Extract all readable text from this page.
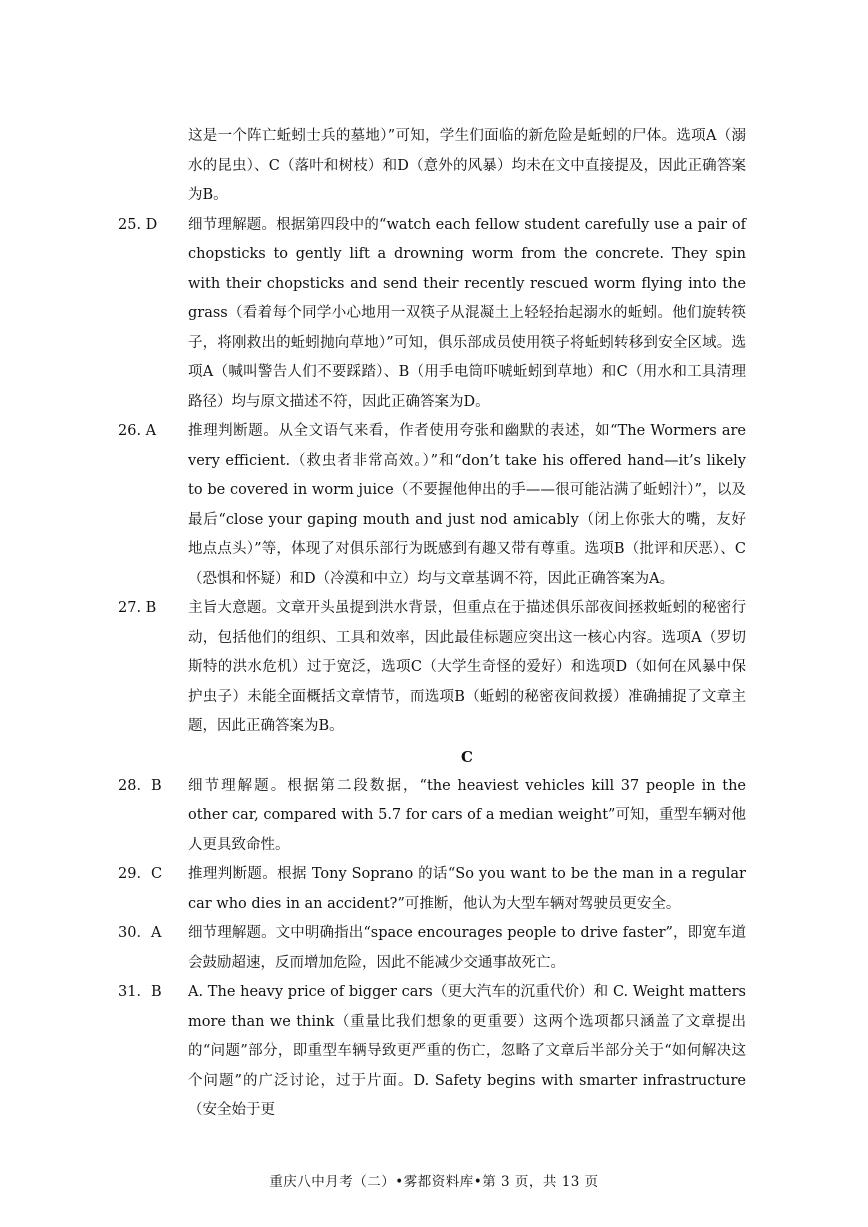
这是一个阵亡蚯蚓士兵的墓地）”可知，学生们面临的新危险是蚯蚓的尸体。选项A（溺水的昆虫）、C（落叶和树枝）和D（意外的风暴）均未在文中直接提及，因此正确答案为B。
25. D	细节理解题。根据第四段中的“watch each fellow student carefully use a pair of chopsticks to gently lift a drowning worm from the concrete. They spin with their chopsticks and send their recently rescued worm flying into the grass（看着每个同学小心地用一双筷子从混凝土上轻轻抬起溺水的蚯蚓。他们旋转筷子，将刚救出的蚯蚓抛向草地）”可知，俱乐部成员使用筷子将蚯蚓转移到安全区域。选项A（喊叫警告人们不要踩踏）、B（用手电筒吓唬蚯蚓到草地）和C（用水和工具清理路径）均与原文描述不符，因此正确答案为D。
26. A	推理判断题。从全文语气来看，作者使用夸张和幽默的表述，如“The Wormers are very efficient.（救虫者非常高效。）”和“don’t take his offered hand—it’s likely to be covered in worm juice（不要握他伸出的手——很可能沾满了蚯蚓汁）”，以及最后“close your gaping mouth and just nod amicably（闭上你张大的嘴，友好地点点头）”等，体现了对俱乐部行为既感到有趣又带有尊重。选项B（批评和厌恶）、C（恐惧和怀疑）和D（冷漠和中立）均与文章基调不符，因此正确答案为A。
27. B	主旨大意题。文章开头虽提到洪水背景，但重点在于描述俱乐部夜间拯救蚯蚓的秘密行动，包括他们的组织、工具和效率，因此最佳标题应突出这一核心内容。选项A（罗切斯特的洪水危机）过于宽泛，选项C（大学生奇怪的爱好）和选项D（如何在风暴中保护虫子）未能全面概括文章情节，而选项B（蚯蚓的秘密夜间救援）准确捕捉了文章主题，因此正确答案为B。
C
28．B	细节理解题。根据第二段数据，“the heaviest vehicles kill 37 people in the other car, compared with 5.7 for cars of a median weight”可知，重型车辆对他人更具致命性。
29．C	推理判断题。根据 Tony Soprano 的话“So you want to be the man in a regular car who dies in an accident?”可推断，他认为大型车辆对驾驶员更安全。
30．A	细节理解题。文中明确指出“space encourages people to drive faster”，即宽车道会鼓励超速，反而增加危险，因此不能减少交通事故死亡。
31．B	A. The heavy price of bigger cars（更大汽车的沉重代价）和 C. Weight matters more than we think（重量比我们想象的更重要）这两个选项都只涵盖了文章提出的“问题”部分，即重型车辆导致更严重的伤亡，忽略了文章后半部分关于“如何解决这个问题”的广泛讨论，过于片面。D. Safety begins with smarter infrastructure（安全始于更
重庆八中月考（二）•雾都资料库•第 3 页，共 13 页
